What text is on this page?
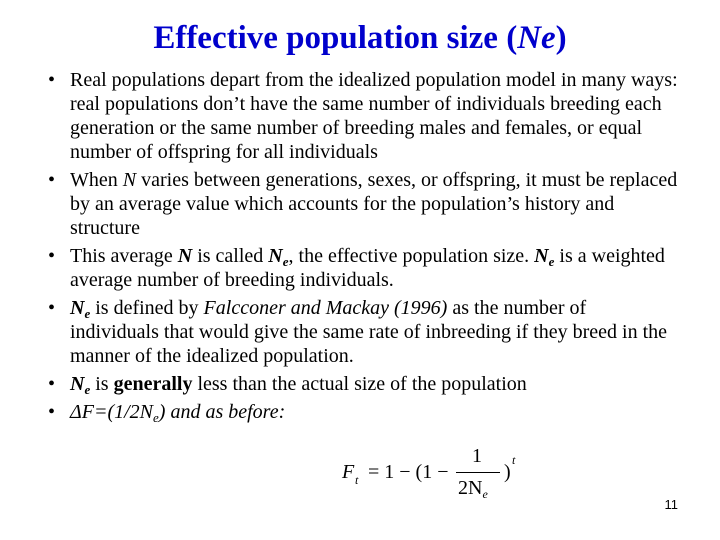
Effective population size (Ne)
• Real populations depart from the idealized population model in many ways: real populations don’t have the same number of individuals breeding each generation or the same number of breeding males and females, or equal number of offspring for all individuals
• When N varies between generations, sexes, or offspring, it must be replaced by an average value which accounts for the population’s history and structure
• This average N is called $N_e$, the effective population size. $N_e$ is a weighted average number of breeding individuals.
• $N_e$ is defined by Falcconer and Mackay (1996) as the number of individuals that would give the same rate of inbreeding if they breed in the manner of the idealized population.
• $N_e$ is generally less than the actual size of the population
• $\Delta F=(1/2N_e)$ and as before:
F t = 1 − (1 −
1
$2N_e$
)
t
11
